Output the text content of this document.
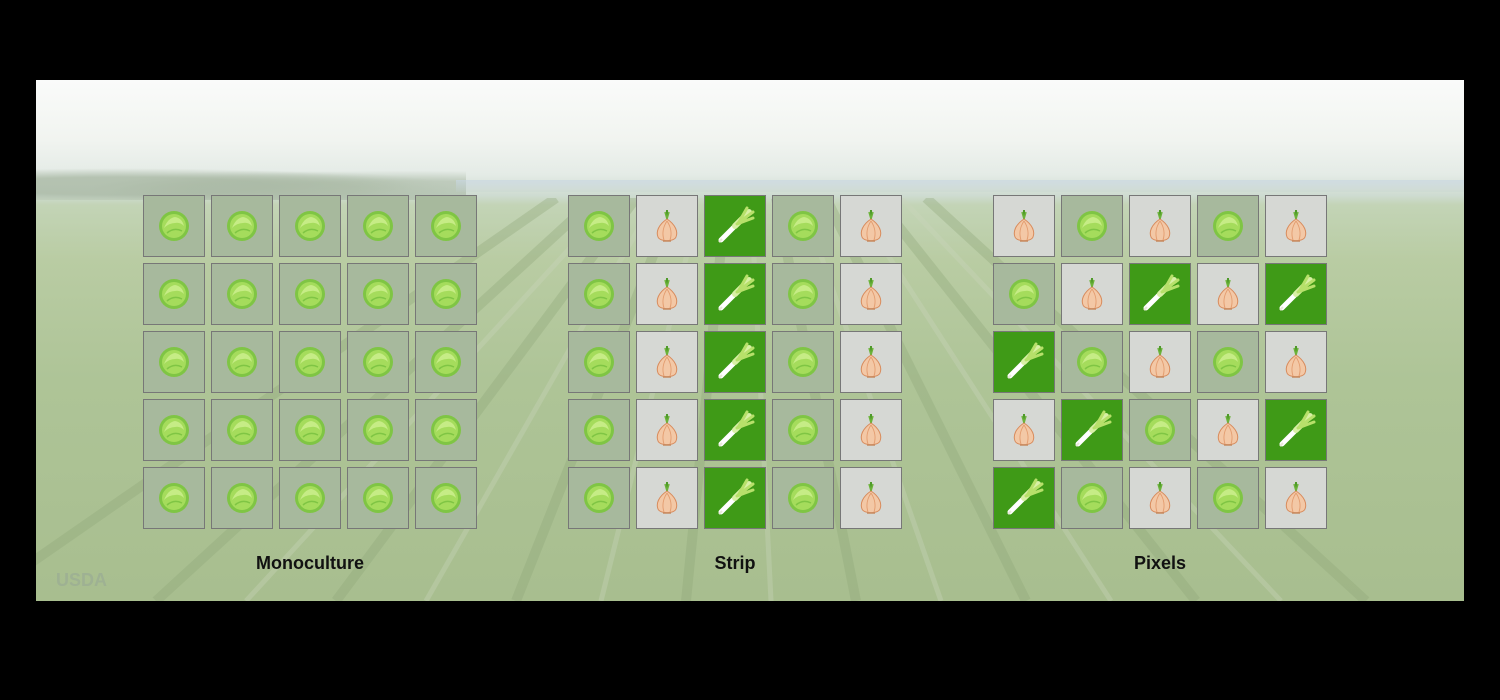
USDA
Monoculture	Strip	Pixels
